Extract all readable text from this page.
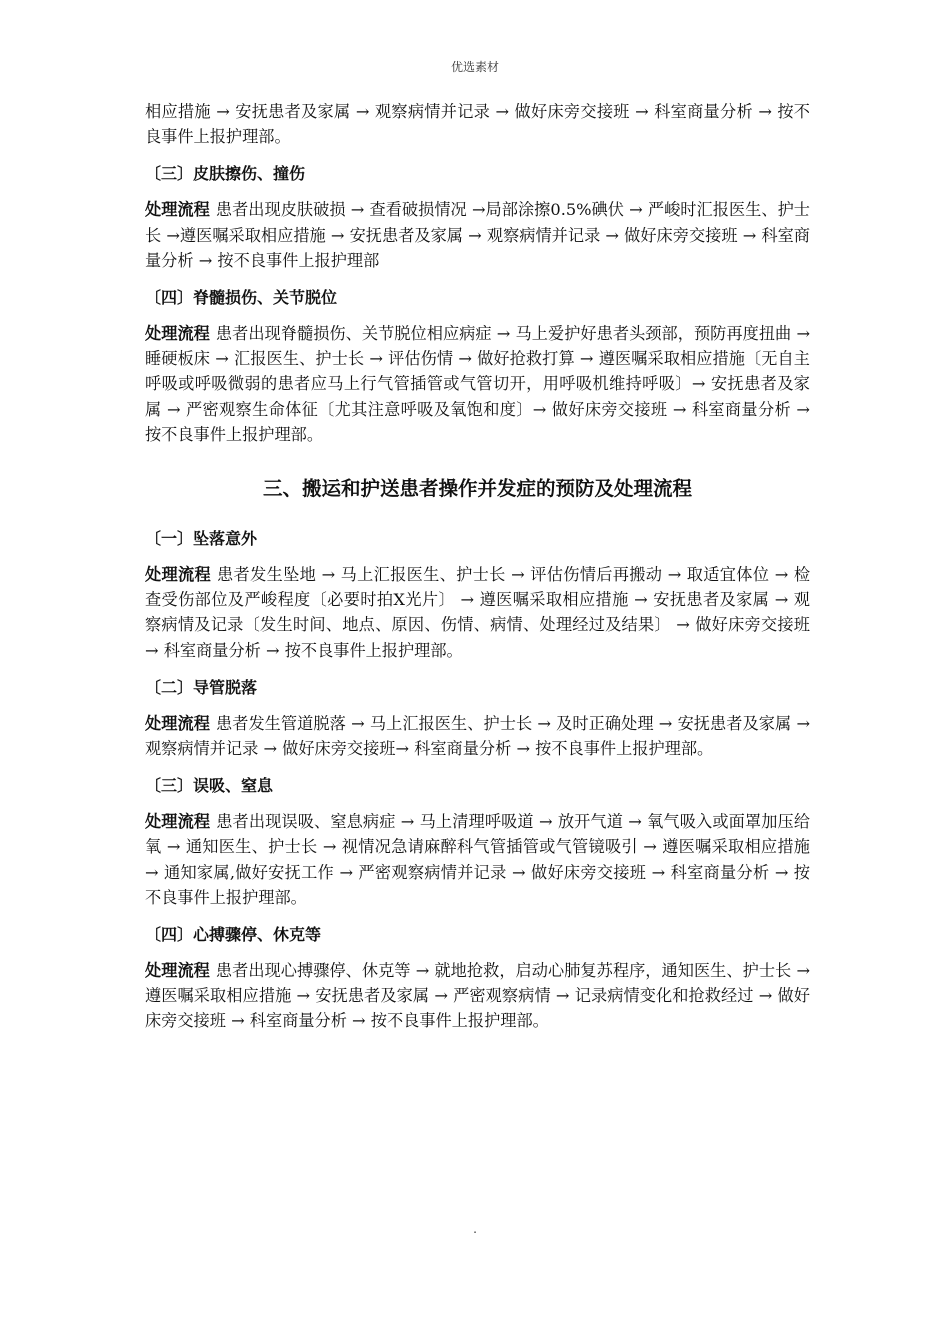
优选素材

相应措施 → 安抚患者及家属 → 观察病情并记录 → 做好床旁交接班 → 科室商量分析 → 按不良事件上报护理部。

〔三〕皮肤擦伤、撞伤

处理流程 患者出现皮肤破损 → 查看破损情况 →局部涂擦0.5%碘伏 → 严峻时汇报医生、护士长 →遵医嘱采取相应措施 → 安抚患者及家属 → 观察病情并记录 → 做好床旁交接班 → 科室商量分析 → 按不良事件上报护理部

〔四〕脊髓损伤、关节脱位

处理流程 患者出现脊髓损伤、关节脱位相应病症 → 马上爱护好患者头颈部，预防再度扭曲 → 睡硬板床 → 汇报医生、护士长 → 评估伤情 → 做好抢救打算 → 遵医嘱采取相应措施〔无自主呼吸或呼吸微弱的患者应马上行气管插管或气管切开，用呼吸机维持呼吸〕→ 安抚患者及家属 → 严密观察生命体征〔尤其注意呼吸及氧饱和度〕→ 做好床旁交接班 → 科室商量分析 → 按不良事件上报护理部。

三、搬运和护送患者操作并发症的预防及处理流程
〔一〕坠落意外

处理流程 患者发生坠地 → 马上汇报医生、护士长 → 评估伤情后再搬动 → 取适宜体位 → 检查受伤部位及严峻程度〔必要时拍X光片〕 → 遵医嘱采取相应措施 → 安抚患者及家属 → 观察病情及记录〔发生时间、地点、原因、伤情、病情、处理经过及结果〕 → 做好床旁交接班 → 科室商量分析 → 按不良事件上报护理部。

〔二〕导管脱落

处理流程 患者发生管道脱落 → 马上汇报医生、护士长 → 及时正确处理 → 安抚患者及家属 → 观察病情并记录 → 做好床旁交接班→ 科室商量分析 → 按不良事件上报护理部。

〔三〕误吸、窒息

处理流程 患者出现误吸、窒息病症 → 马上清理呼吸道 → 放开气道 → 氧气吸入或面罩加压给氧 → 通知医生、护士长 → 视情况急请麻醉科气管插管或气管镜吸引 → 遵医嘱采取相应措施 → 通知家属,做好安抚工作 → 严密观察病情并记录 → 做好床旁交接班 → 科室商量分析 → 按不良事件上报护理部。

〔四〕心搏骤停、休克等

处理流程 患者出现心搏骤停、休克等 → 就地抢救，启动心肺复苏程序，通知医生、护士长 → 遵医嘱采取相应措施 → 安抚患者及家属 → 严密观察病情 → 记录病情变化和抢救经过 → 做好床旁交接班 → 科室商量分析 → 按不良事件上报护理部。

.
